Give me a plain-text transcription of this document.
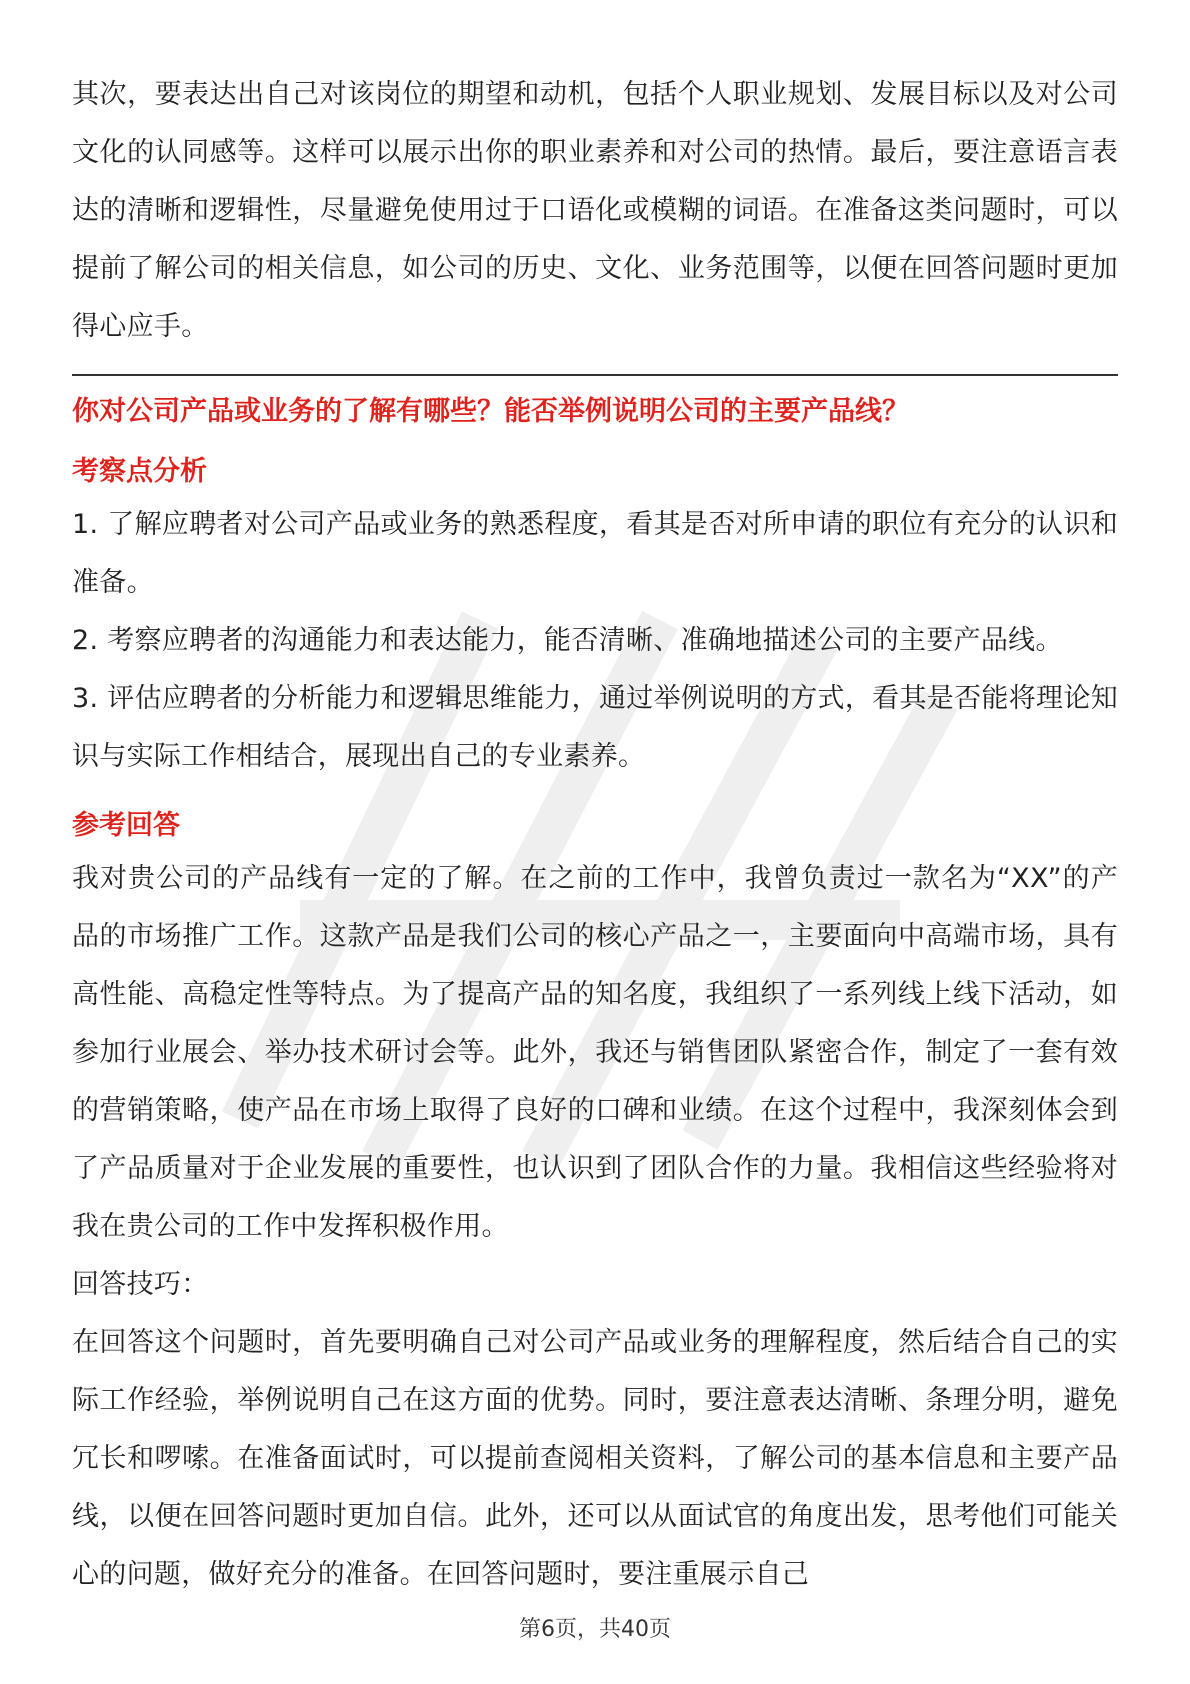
其次，要表达出自己对该岗位的期望和动机，包括个人职业规划、发展目标以及对公司文化的认同感等。这样可以展示出你的职业素养和对公司的热情。最后，要注意语言表达的清晰和逻辑性，尽量避免使用过于口语化或模糊的词语。在准备这类问题时，可以提前了解公司的相关信息，如公司的历史、文化、业务范围等，以便在回答问题时更加得心应手。

你对公司产品或业务的了解有哪些？能否举例说明公司的主要产品线？
考察点分析

1. 了解应聘者对公司产品或业务的熟悉程度，看其是否对所申请的职位有充分的认识和准备。

2. 考察应聘者的沟通能力和表达能力，能否清晰、准确地描述公司的主要产品线。

3. 评估应聘者的分析能力和逻辑思维能力，通过举例说明的方式，看其是否能将理论知识与实际工作相结合，展现出自己的专业素养。

参考回答

我对贵公司的产品线有一定的了解。在之前的工作中，我曾负责过一款名为“XX”的产品的市场推广工作。这款产品是我们公司的核心产品之一，主要面向中高端市场，具有高性能、高稳定性等特点。为了提高产品的知名度，我组织了一系列线上线下活动，如参加行业展会、举办技术研讨会等。此外，我还与销售团队紧密合作，制定了一套有效的营销策略，使产品在市场上取得了良好的口碑和业绩。在这个过程中，我深刻体会到了产品质量对于企业发展的重要性，也认识到了团队合作的力量。我相信这些经验将对我在贵公司的工作中发挥积极作用。

回答技巧：

在回答这个问题时，首先要明确自己对公司产品或业务的理解程度，然后结合自己的实际工作经验，举例说明自己在这方面的优势。同时，要注意表达清晰、条理分明，避免冗长和啰嗦。在准备面试时，可以提前查阅相关资料，了解公司的基本信息和主要产品线，以便在回答问题时更加自信。此外，还可以从面试官的角度出发，思考他们可能关心的问题，做好充分的准备。在回答问题时，要注重展示自己

第6页，共40页
